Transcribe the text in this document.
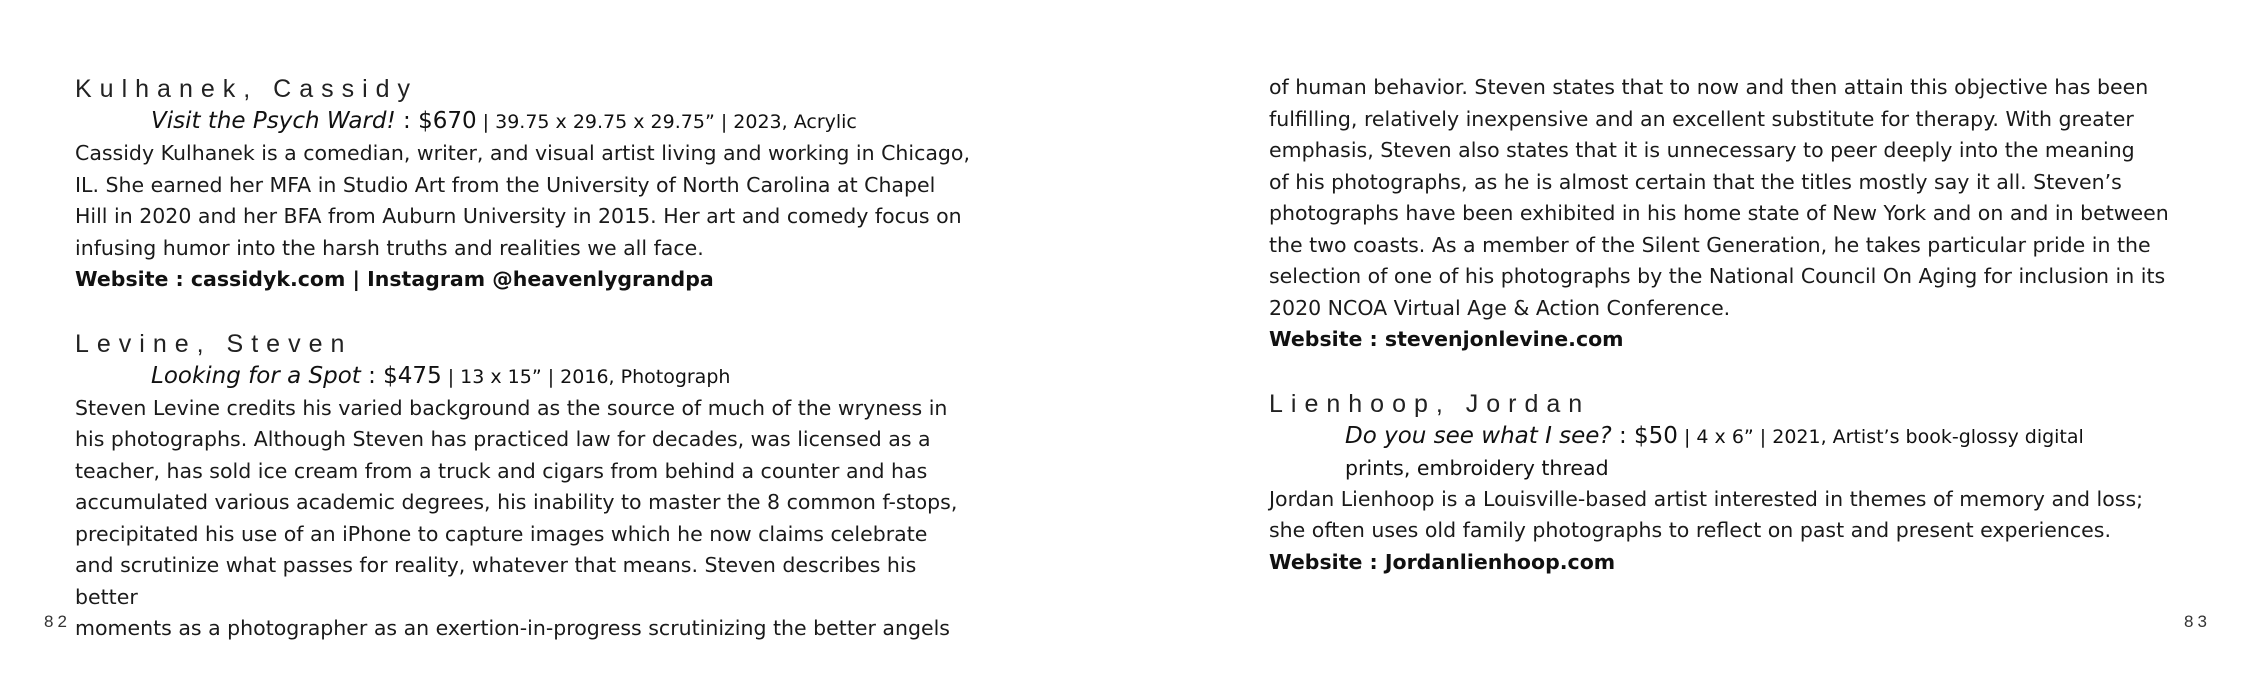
Kulhanek, Cassidy
Visit the Psych Ward! : $670 | 39.75 x 29.75 x 29.75” | 2023, Acrylic
Cassidy Kulhanek is a comedian, writer, and visual artist living and working in Chicago,
IL. She earned her MFA in Studio Art from the University of North Carolina at Chapel
Hill in 2020 and her BFA from Auburn University in 2015. Her art and comedy focus on
infusing humor into the harsh truths and realities we all face.
Website : cassidyk.com | Instagram @heavenlygrandpa
Levine, Steven
Looking for a Spot : $475 | 13 x 15” | 2016, Photograph
Steven Levine credits his varied background as the source of much of the wryness in
his photographs. Although Steven has practiced law for decades, was licensed as a
teacher, has sold ice cream from a truck and cigars from behind a counter and has
accumulated various academic degrees, his inability to master the 8 common f-stops,
precipitated his use of an iPhone to capture images which he now claims celebrate
and scrutinize what passes for reality, whatever that means. Steven describes his better
moments as a photographer as an exertion-in-progress scrutinizing the better angels
82
of human behavior. Steven states that to now and then attain this objective has been
fulfilling, relatively inexpensive and an excellent substitute for therapy. With greater
emphasis, Steven also states that it is unnecessary to peer deeply into the meaning
of his photographs, as he is almost certain that the titles mostly say it all. Steven’s
photographs have been exhibited in his home state of New York and on and in between
the two coasts. As a member of the Silent Generation, he takes particular pride in the
selection of one of his photographs by the National Council On Aging for inclusion in its
2020 NCOA Virtual Age & Action Conference.
Website : stevenjonlevine.com
Lienhoop, Jordan
Do you see what I see? : $50 | 4 x 6” | 2021, Artist’s book-glossy digital
prints, embroidery thread
Jordan Lienhoop is a Louisville-based artist interested in themes of memory and loss;
she often uses old family photographs to reflect on past and present experiences.
Website : Jordanlienhoop.com
83
